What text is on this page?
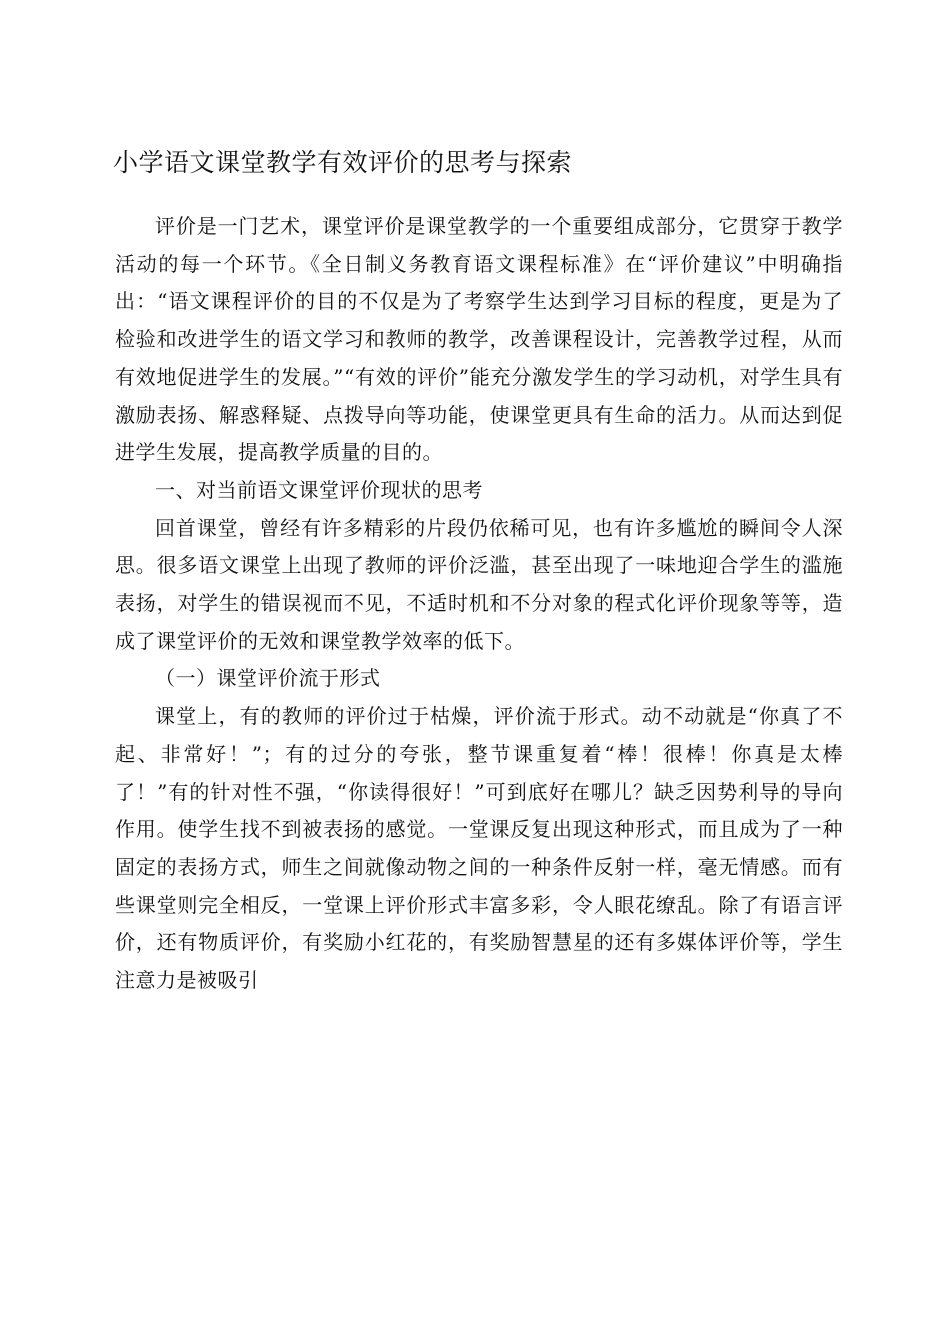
小学语文课堂教学有效评价的思考与探索

评价是一门艺术，课堂评价是课堂教学的一个重要组成部分，它贯穿于教学活动的每一个环节。《全日制义务教育语文课程标准》在“评价建议”中明确指出：“语文课程评价的目的不仅是为了考察学生达到学习目标的程度，更是为了检验和改进学生的语文学习和教师的教学，改善课程设计，完善教学过程，从而有效地促进学生的发展。”“有效的评价”能充分激发学生的学习动机，对学生具有激励表扬、解惑释疑、点拨导向等功能，使课堂更具有生命的活力。从而达到促进学生发展，提高教学质量的目的。

一、对当前语文课堂评价现状的思考

回首课堂，曾经有许多精彩的片段仍依稀可见，也有许多尴尬的瞬间令人深思。很多语文课堂上出现了教师的评价泛滥，甚至出现了一味地迎合学生的滥施表扬，对学生的错误视而不见，不适时机和不分对象的程式化评价现象等等，造成了课堂评价的无效和课堂教学效率的低下。

（一）课堂评价流于形式

课堂上，有的教师的评价过于枯燥，评价流于形式。动不动就是“你真了不起、非常好！”；有的过分的夸张，整节课重复着“棒！很棒！你真是太棒了！”有的针对性不强，“你读得很好！”可到底好在哪儿？缺乏因势利导的导向作用。使学生找不到被表扬的感觉。一堂课反复出现这种形式，而且成为了一种固定的表扬方式，师生之间就像动物之间的一种条件反射一样，毫无情感。而有些课堂则完全相反，一堂课上评价形式丰富多彩，令人眼花缭乱。除了有语言评价，还有物质评价，有奖励小红花的，有奖励智慧星的还有多媒体评价等，学生注意力是被吸引
